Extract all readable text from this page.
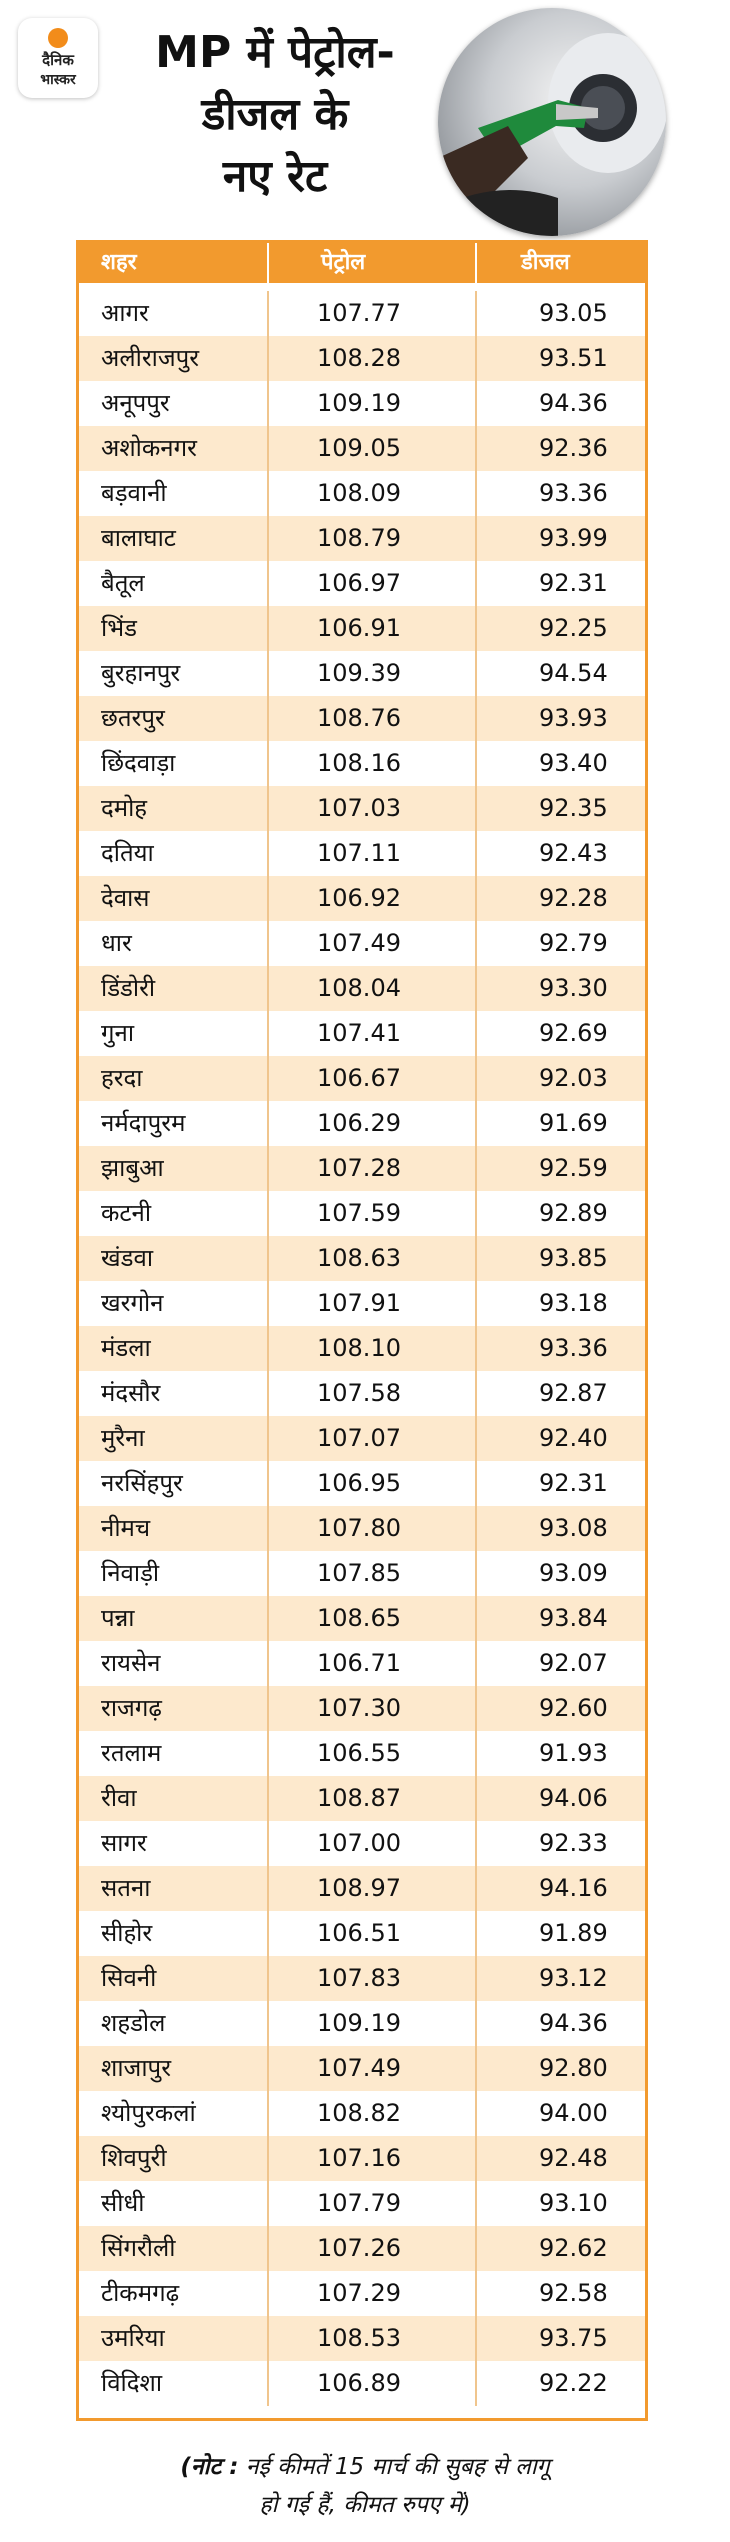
दैनिक
भास्कर
MP में पेट्रोल-
डीजल के
नए रेट
शहर	पेट्रोल	डीजल
आगर	107.77	93.05
अलीराजपुर	108.28	93.51
अनूपपुर	109.19	94.36
अशोकनगर	109.05	92.36
बड़वानी	108.09	93.36
बालाघाट	108.79	93.99
बैतूल	106.97	92.31
भिंड	106.91	92.25
बुरहानपुर	109.39	94.54
छतरपुर	108.76	93.93
छिंदवाड़ा	108.16	93.40
दमोह	107.03	92.35
दतिया	107.11	92.43
देवास	106.92	92.28
धार	107.49	92.79
डिंडोरी	108.04	93.30
गुना	107.41	92.69
हरदा	106.67	92.03
नर्मदापुरम	106.29	91.69
झाबुआ	107.28	92.59
कटनी	107.59	92.89
खंडवा	108.63	93.85
खरगोन	107.91	93.18
मंडला	108.10	93.36
मंदसौर	107.58	92.87
मुरैना	107.07	92.40
नरसिंहपुर	106.95	92.31
नीमच	107.80	93.08
निवाड़ी	107.85	93.09
पन्ना	108.65	93.84
रायसेन	106.71	92.07
राजगढ़	107.30	92.60
रतलाम	106.55	91.93
रीवा	108.87	94.06
सागर	107.00	92.33
सतना	108.97	94.16
सीहोर	106.51	91.89
सिवनी	107.83	93.12
शहडोल	109.19	94.36
शाजापुर	107.49	92.80
श्योपुरकलां	108.82	94.00
शिवपुरी	107.16	92.48
सीधी	107.79	93.10
सिंगरौली	107.26	92.62
टीकमगढ़	107.29	92.58
उमरिया	108.53	93.75
विदिशा	106.89	92.22
(नोट : नई कीमतें 15 मार्च की सुबह से लागू
हो गई हैं, कीमत रुपए में)
